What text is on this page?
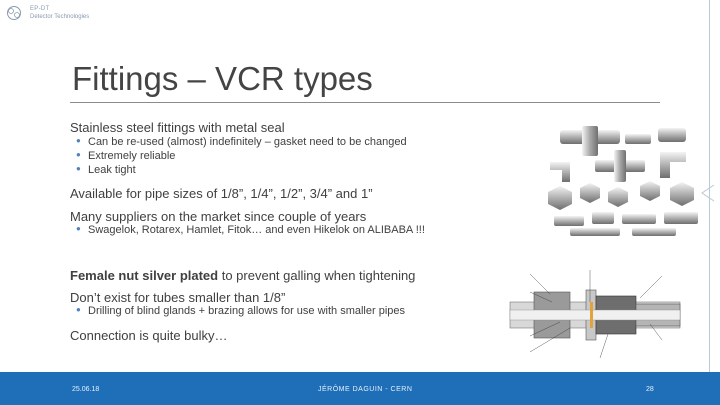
EP-DT
Detector Technologies
Fittings – VCR types
Stainless steel fittings with metal seal
● Can be re-used (almost) indefinitely – gasket need to be changed
● Extremely reliable
● Leak tight
Available for pipe sizes of 1/8”, 1/4”, 1/2”, 3/4” and 1”
Many suppliers on the market since couple of years
● Swagelok, Rotarex, Hamlet, Fitok… and even Hikelok on ALIBABA !!!
Female nut silver plated to prevent galling when tightening
Don’t exist for tubes smaller than 1/8”
● Drilling of blind glands + brazing allows for use with smaller pipes
Connection is quite bulky…
25.06.18	JÉRÔME DAGUIN - CERN	28
